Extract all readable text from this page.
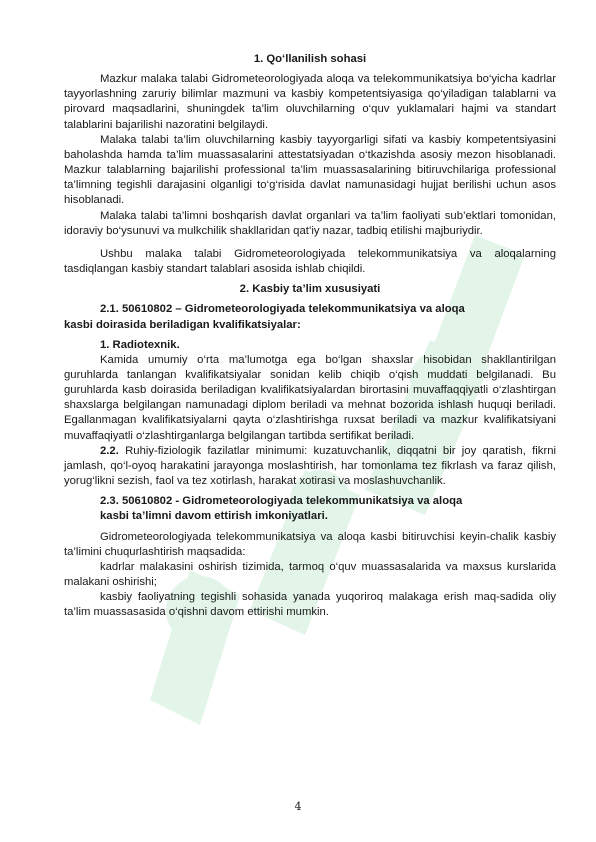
1. Qo‘llanilish sohasi

Mazkur malaka talabi Gidrometeorologiyada aloqa va telekommunikatsiya bo‘yicha kadrlar tayyorlashning zaruriy bilimlar mazmuni va kasbiy kompetentsiyasiga qo‘yiladigan talablarni va pirovard maqsadlarini, shuningdek ta’lim oluvchilarning o‘quv yuklamalari hajmi va standart talablarini bajarilishi nazoratini belgilaydi.

Malaka talabi ta’lim oluvchilarning kasbiy tayyorgarligi sifati va kasbiy kompetentsiyasini baholashda hamda ta’lim muassasalarini attestatsiyadan o‘tkazishda asosiy mezon hisoblanadi. Mazkur talablarning bajarilishi professional ta’lim muassasalarining bitiruvchilariga professional ta’limning tegishli darajasini olganligi to‘g‘risida davlat namunasidagi hujjat berilishi uchun asos hisoblanadi.

Malaka talabi ta’limni boshqarish davlat organlari va ta’lim faoliyati sub’ektlari tomonidan, idoraviy bo‘ysunuvi va mulkchilik shakllaridan qat’iy nazar, tadbiq etilishi majburiydir.

Ushbu malaka talabi Gidrometeorologiyada telekommunikatsiya va aloqalarning tasdiqlangan kasbiy standart talablari asosida ishlab chiqildi.

2. Kasbiy ta’lim xususiyati

2.1. 50610802 – Gidrometeorologiyada telekommunikatsiya va aloqa
kasbi doirasida beriladigan kvalifikatsiyalar:

1. Radiotexnik.

Kamida umumiy o‘rta ma’lumotga ega bo‘lgan shaxslar hisobidan shakllantirilgan guruhlarda tanlangan kvalifikatsiyalar sonidan kelib chiqib o‘qish muddati belgilanadi. Bu guruhlarda kasb doirasida beriladigan kvalifikatsiyalardan birortasini muvaffaqqiyatli o‘zlashtirgan shaxslarga belgilangan namunadagi diplom beriladi va mehnat bozorida ishlash huquqi beriladi. Egallanmagan kvalifikatsiyalarni qayta o‘zlashtirishga ruxsat beriladi va mazkur kvalifikatsiyani muvaffaqiyatli o‘zlashtirganlarga belgilangan tartibda sertifikat beriladi.

2.2. Ruhiy-fiziologik fazilatlar minimumi: kuzatuvchanlik, diqqatni bir joy qaratish, fikrni jamlash, qo‘l-oyoq harakatini jarayonga moslashtirish, har tomonlama tez fikrlash va faraz qilish, yorug‘likni sezish, faol va tez xotirlash, harakat xotirasi va moslashuvchanlik.

2.3. 50610802 - Gidrometeorologiyada telekommunikatsiya va aloqa
kasbi ta’limni davom ettirish imkoniyatlari.

Gidrometeorologiyada telekommunikatsiya va aloqa kasbi bitiruvchisi keyin-chalik kasbiy ta’limini chuqurlashtirish maqsadida:

kadrlar malakasini oshirish tizimida, tarmoq o‘quv muassasalarida va maxsus kurslarida malakani oshirishi;

kasbiy faoliyatning tegishli sohasida yanada yuqoriroq malakaga erish maq-sadida oliy ta’lim muassasasida o‘qishni davom ettirishi mumkin.

4
